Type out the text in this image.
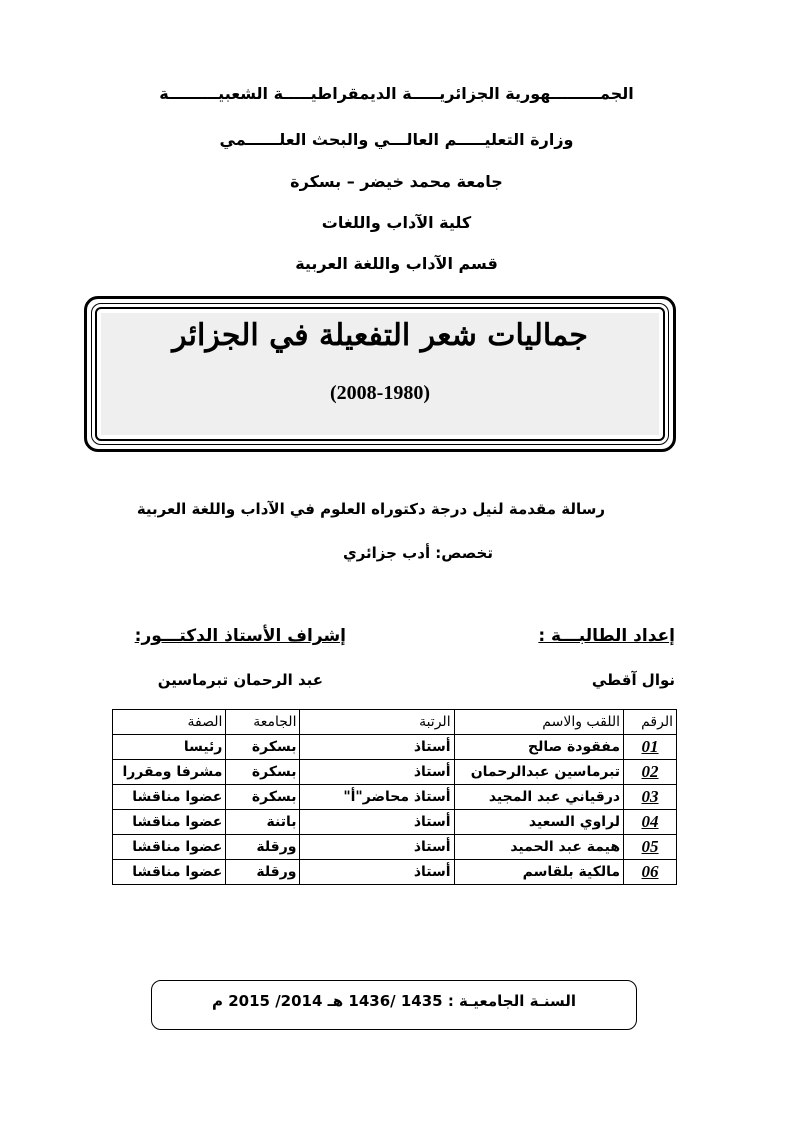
الجمـــــــــهورية الجزائريـــــة الديمقراطيـــــة الشعبيـــــــــة
وزارة التعليـــــم العالـــي والبحث العلــــــمي
جامعة محمد خيضر – بسكرة
كلية الآداب واللغات
قسم الآداب واللغة العربية
جماليات شعر التفعيلة في الجزائر
(2008-1980)
رسالة مقدمة لنيل درجة دكتوراه العلوم في الآداب واللغة العربية
تخصص: أدب جزائري
إعداد الطالبـــة :
إشراف الأستاذ الدكتـــور:
نوال آقطي
عبد الرحمان تبرماسين
الرقم	اللقب والاسم	الرتبة	الجامعة	الصفة
01	مفقودة صالح	أستاذ	بسكرة	رئيسا
02	تبرماسين عبدالرحمان	أستاذ	بسكرة	مشرفا ومقررا
03	درقياني عبد المجيد	أستاذ محاضر"أ"	بسكرة	عضوا مناقشا
04	لراوي السعيد	أستاذ	باتنة	عضوا مناقشا
05	هيمة عبد الحميد	أستاذ	ورقلة	عضوا مناقشا
06	مالكية بلقاسم	أستاذ	ورقلة	عضوا مناقشا
السنـة الجامعيـة : 1435 /1436 هـ 2014/ 2015 م
